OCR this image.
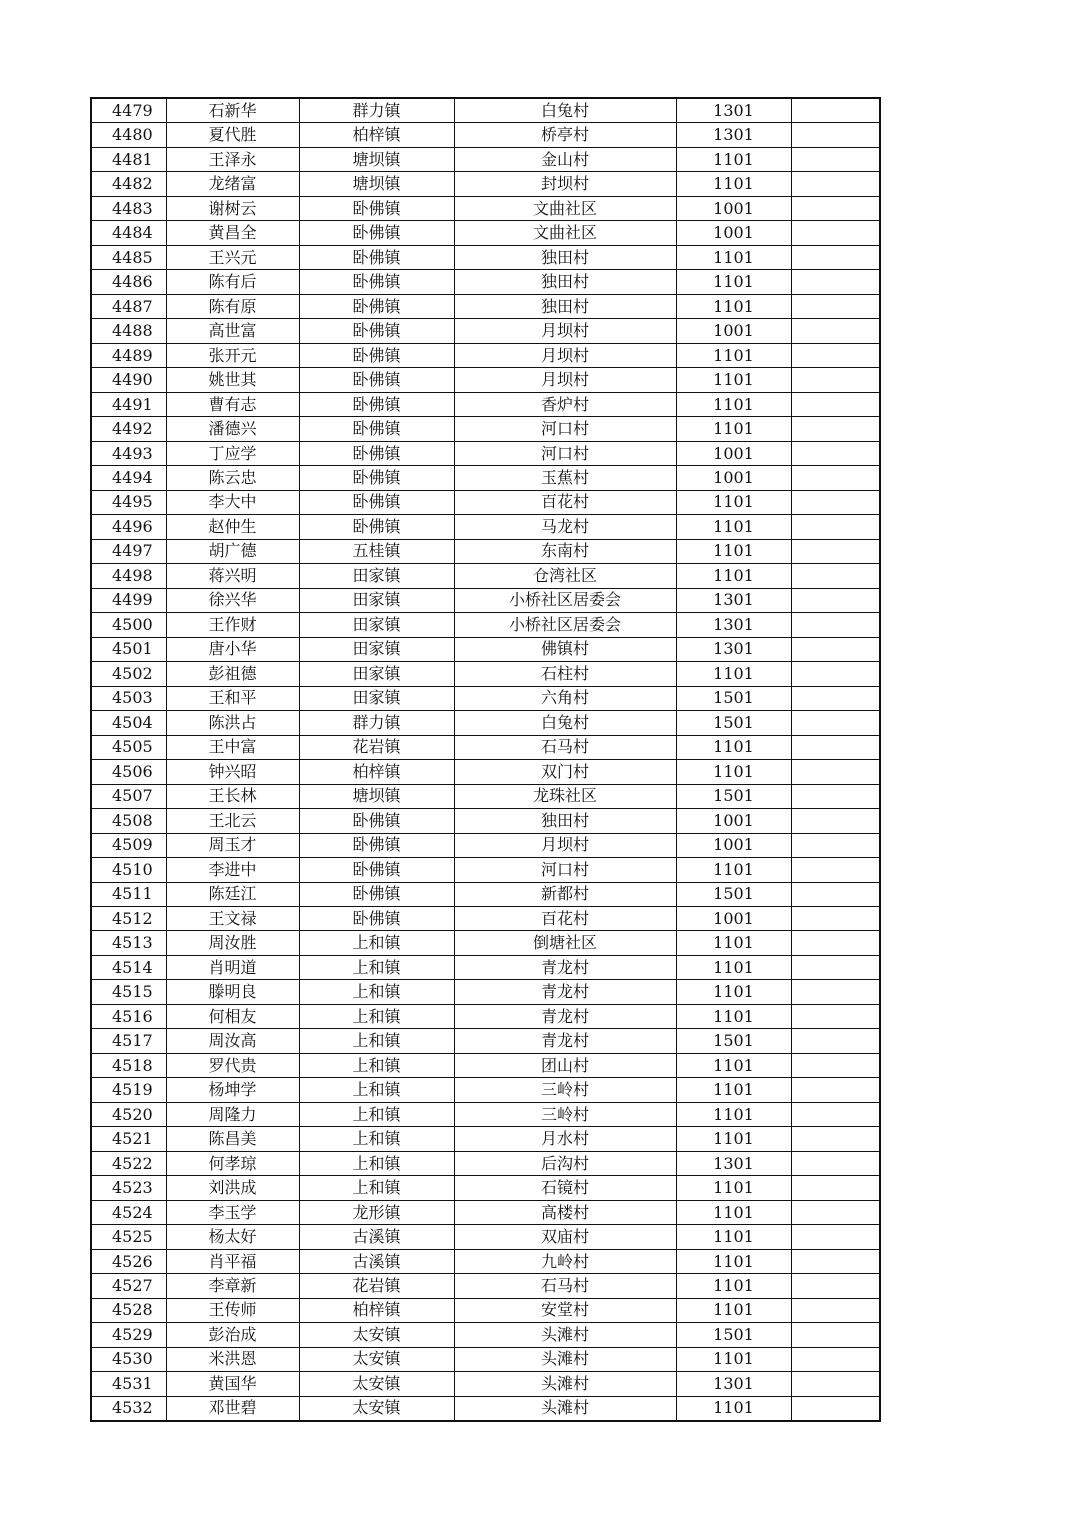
4479	石新华	群力镇	白兔村	1301	
4480	夏代胜	柏梓镇	桥亭村	1301	
4481	王泽永	塘坝镇	金山村	1101	
4482	龙绪富	塘坝镇	封坝村	1101	
4483	谢树云	卧佛镇	文曲社区	1001	
4484	黄昌全	卧佛镇	文曲社区	1001	
4485	王兴元	卧佛镇	独田村	1101	
4486	陈有后	卧佛镇	独田村	1101	
4487	陈有原	卧佛镇	独田村	1101	
4488	高世富	卧佛镇	月坝村	1001	
4489	张开元	卧佛镇	月坝村	1101	
4490	姚世其	卧佛镇	月坝村	1101	
4491	曹有志	卧佛镇	香炉村	1101	
4492	潘德兴	卧佛镇	河口村	1101	
4493	丁应学	卧佛镇	河口村	1001	
4494	陈云忠	卧佛镇	玉蕉村	1001	
4495	李大中	卧佛镇	百花村	1101	
4496	赵仲生	卧佛镇	马龙村	1101	
4497	胡广德	五桂镇	东南村	1101	
4498	蒋兴明	田家镇	仓湾社区	1101	
4499	徐兴华	田家镇	小桥社区居委会	1301	
4500	王作财	田家镇	小桥社区居委会	1301	
4501	唐小华	田家镇	佛镇村	1301	
4502	彭祖德	田家镇	石柱村	1101	
4503	王和平	田家镇	六角村	1501	
4504	陈洪占	群力镇	白兔村	1501	
4505	王中富	花岩镇	石马村	1101	
4506	钟兴昭	柏梓镇	双门村	1101	
4507	王长林	塘坝镇	龙珠社区	1501	
4508	王北云	卧佛镇	独田村	1001	
4509	周玉才	卧佛镇	月坝村	1001	
4510	李进中	卧佛镇	河口村	1101	
4511	陈廷江	卧佛镇	新都村	1501	
4512	王文禄	卧佛镇	百花村	1001	
4513	周汝胜	上和镇	倒塘社区	1101	
4514	肖明道	上和镇	青龙村	1101	
4515	滕明良	上和镇	青龙村	1101	
4516	何相友	上和镇	青龙村	1101	
4517	周汝高	上和镇	青龙村	1501	
4518	罗代贵	上和镇	团山村	1101	
4519	杨坤学	上和镇	三岭村	1101	
4520	周隆力	上和镇	三岭村	1101	
4521	陈昌美	上和镇	月水村	1101	
4522	何孝琼	上和镇	后沟村	1301	
4523	刘洪成	上和镇	石镜村	1101	
4524	李玉学	龙形镇	高楼村	1101	
4525	杨太好	古溪镇	双庙村	1101	
4526	肖平福	古溪镇	九岭村	1101	
4527	李章新	花岩镇	石马村	1101	
4528	王传师	柏梓镇	安堂村	1101	
4529	彭治成	太安镇	头滩村	1501	
4530	米洪恩	太安镇	头滩村	1101	
4531	黄国华	太安镇	头滩村	1301	
4532	邓世碧	太安镇	头滩村	1101	
